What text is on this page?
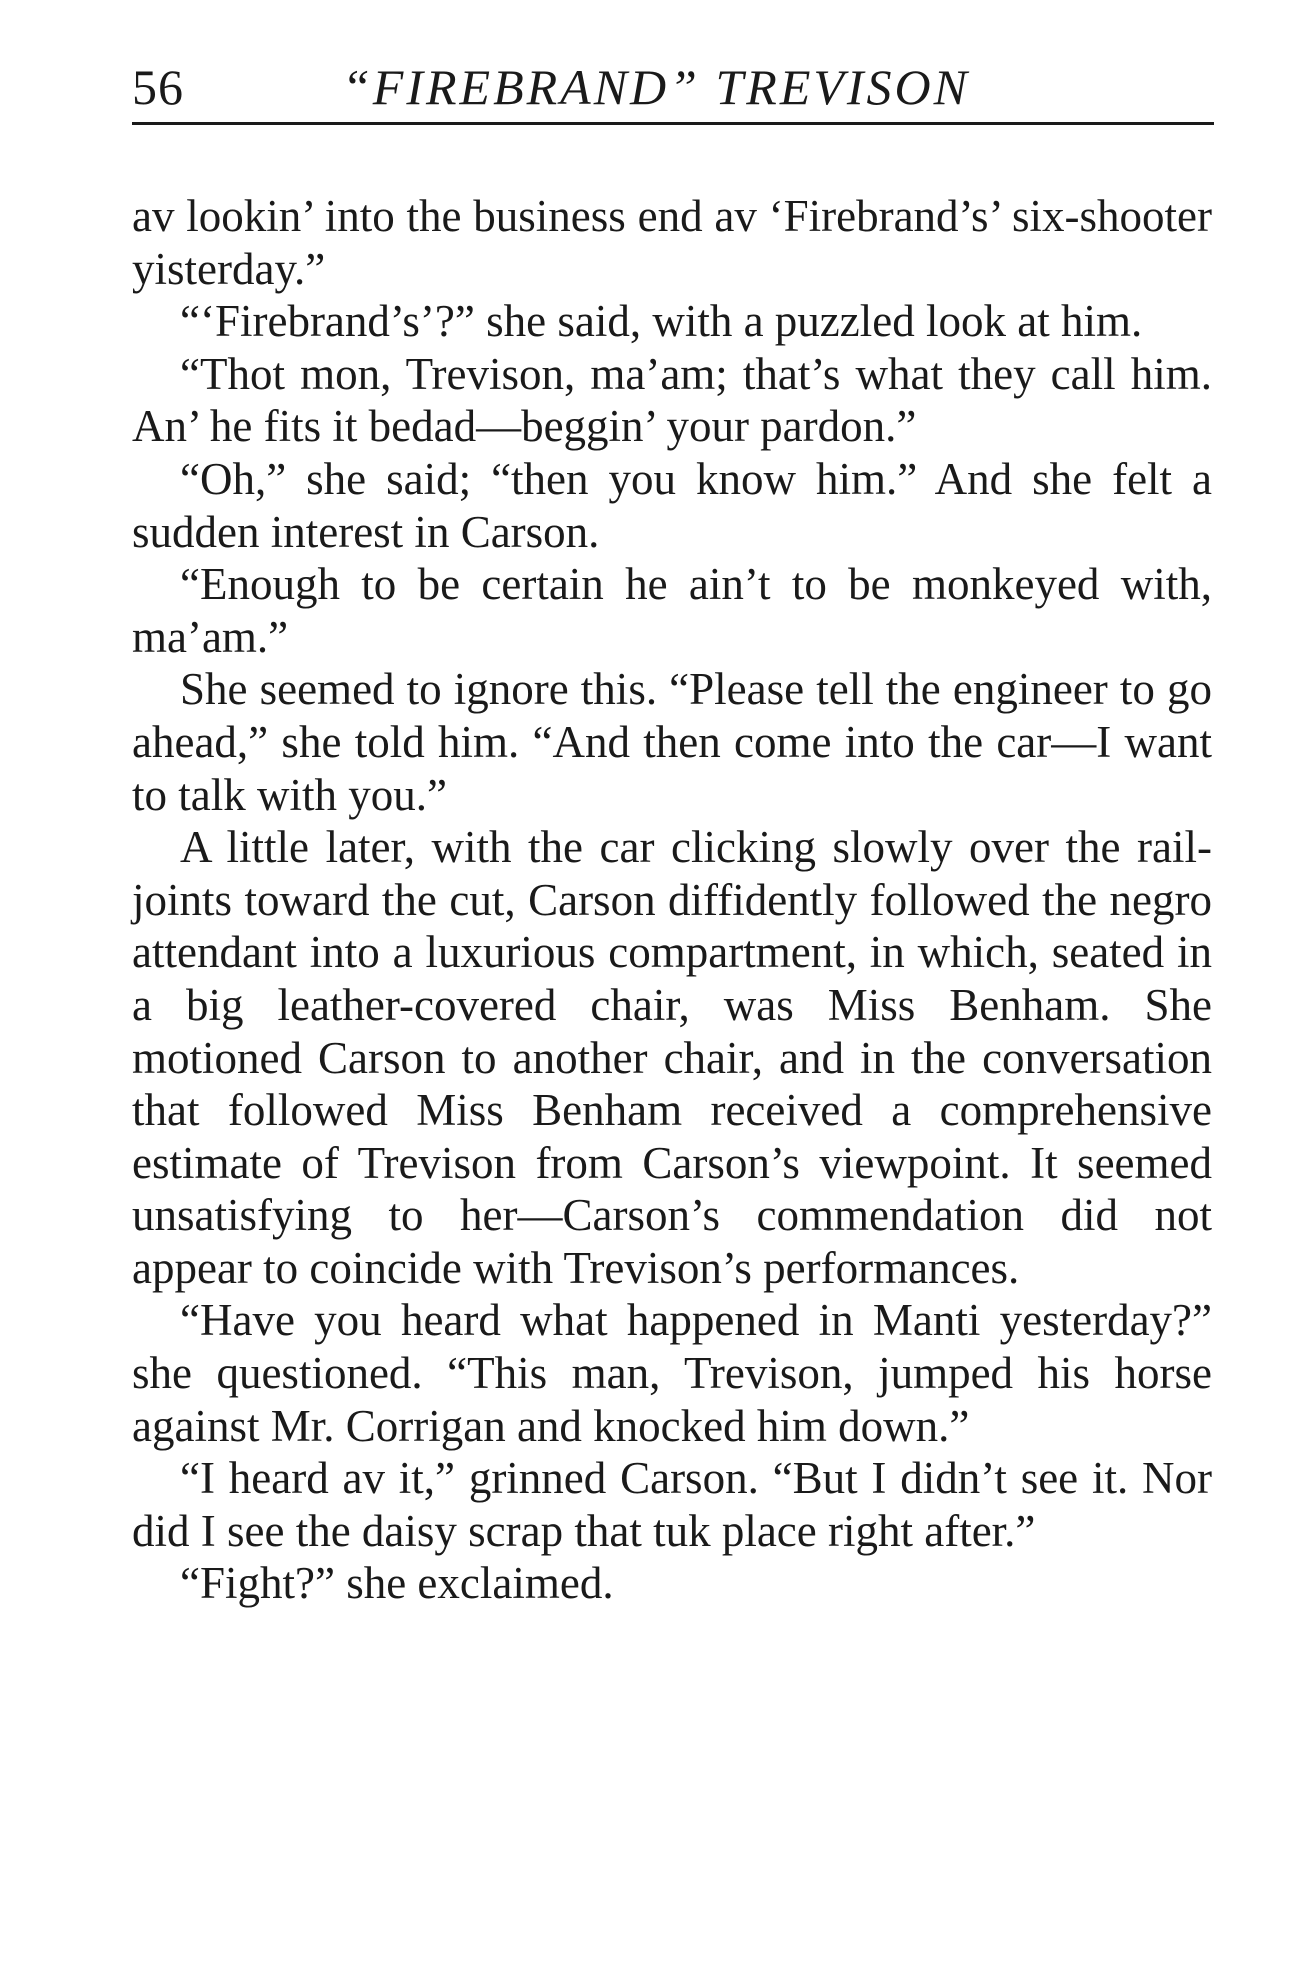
56	“FIREBRAND” TREVISON

av lookin’ into the business end av ‘Firebrand’s’ six-shooter yisterday.”

“‘Firebrand’s’?” she said, with a puzzled look at him.

“Thot mon, Trevison, ma’am; that’s what they call him. An’ he fits it bedad—beggin’ your pardon.”

“Oh,” she said; “then you know him.” And she felt a sudden interest in Carson.

“Enough to be certain he ain’t to be monkeyed with, ma’am.”

She seemed to ignore this. “Please tell the engineer to go ahead,” she told him. “And then come into the car—I want to talk with you.”

A little later, with the car clicking slowly over the rail-joints toward the cut, Carson diffidently followed the negro attendant into a luxurious compartment, in which, seated in a big leather-covered chair, was Miss Benham. She motioned Carson to another chair, and in the conversation that followed Miss Benham received a comprehensive estimate of Trevison from Carson’s viewpoint. It seemed unsatisfying to her—Carson’s commendation did not appear to coincide with Trevison’s performances.

“Have you heard what happened in Manti yesterday?” she questioned. “This man, Trevison, jumped his horse against Mr. Corrigan and knocked him down.”

“I heard av it,” grinned Carson. “But I didn’t see it. Nor did I see the daisy scrap that tuk place right after.”

“Fight?” she exclaimed.
